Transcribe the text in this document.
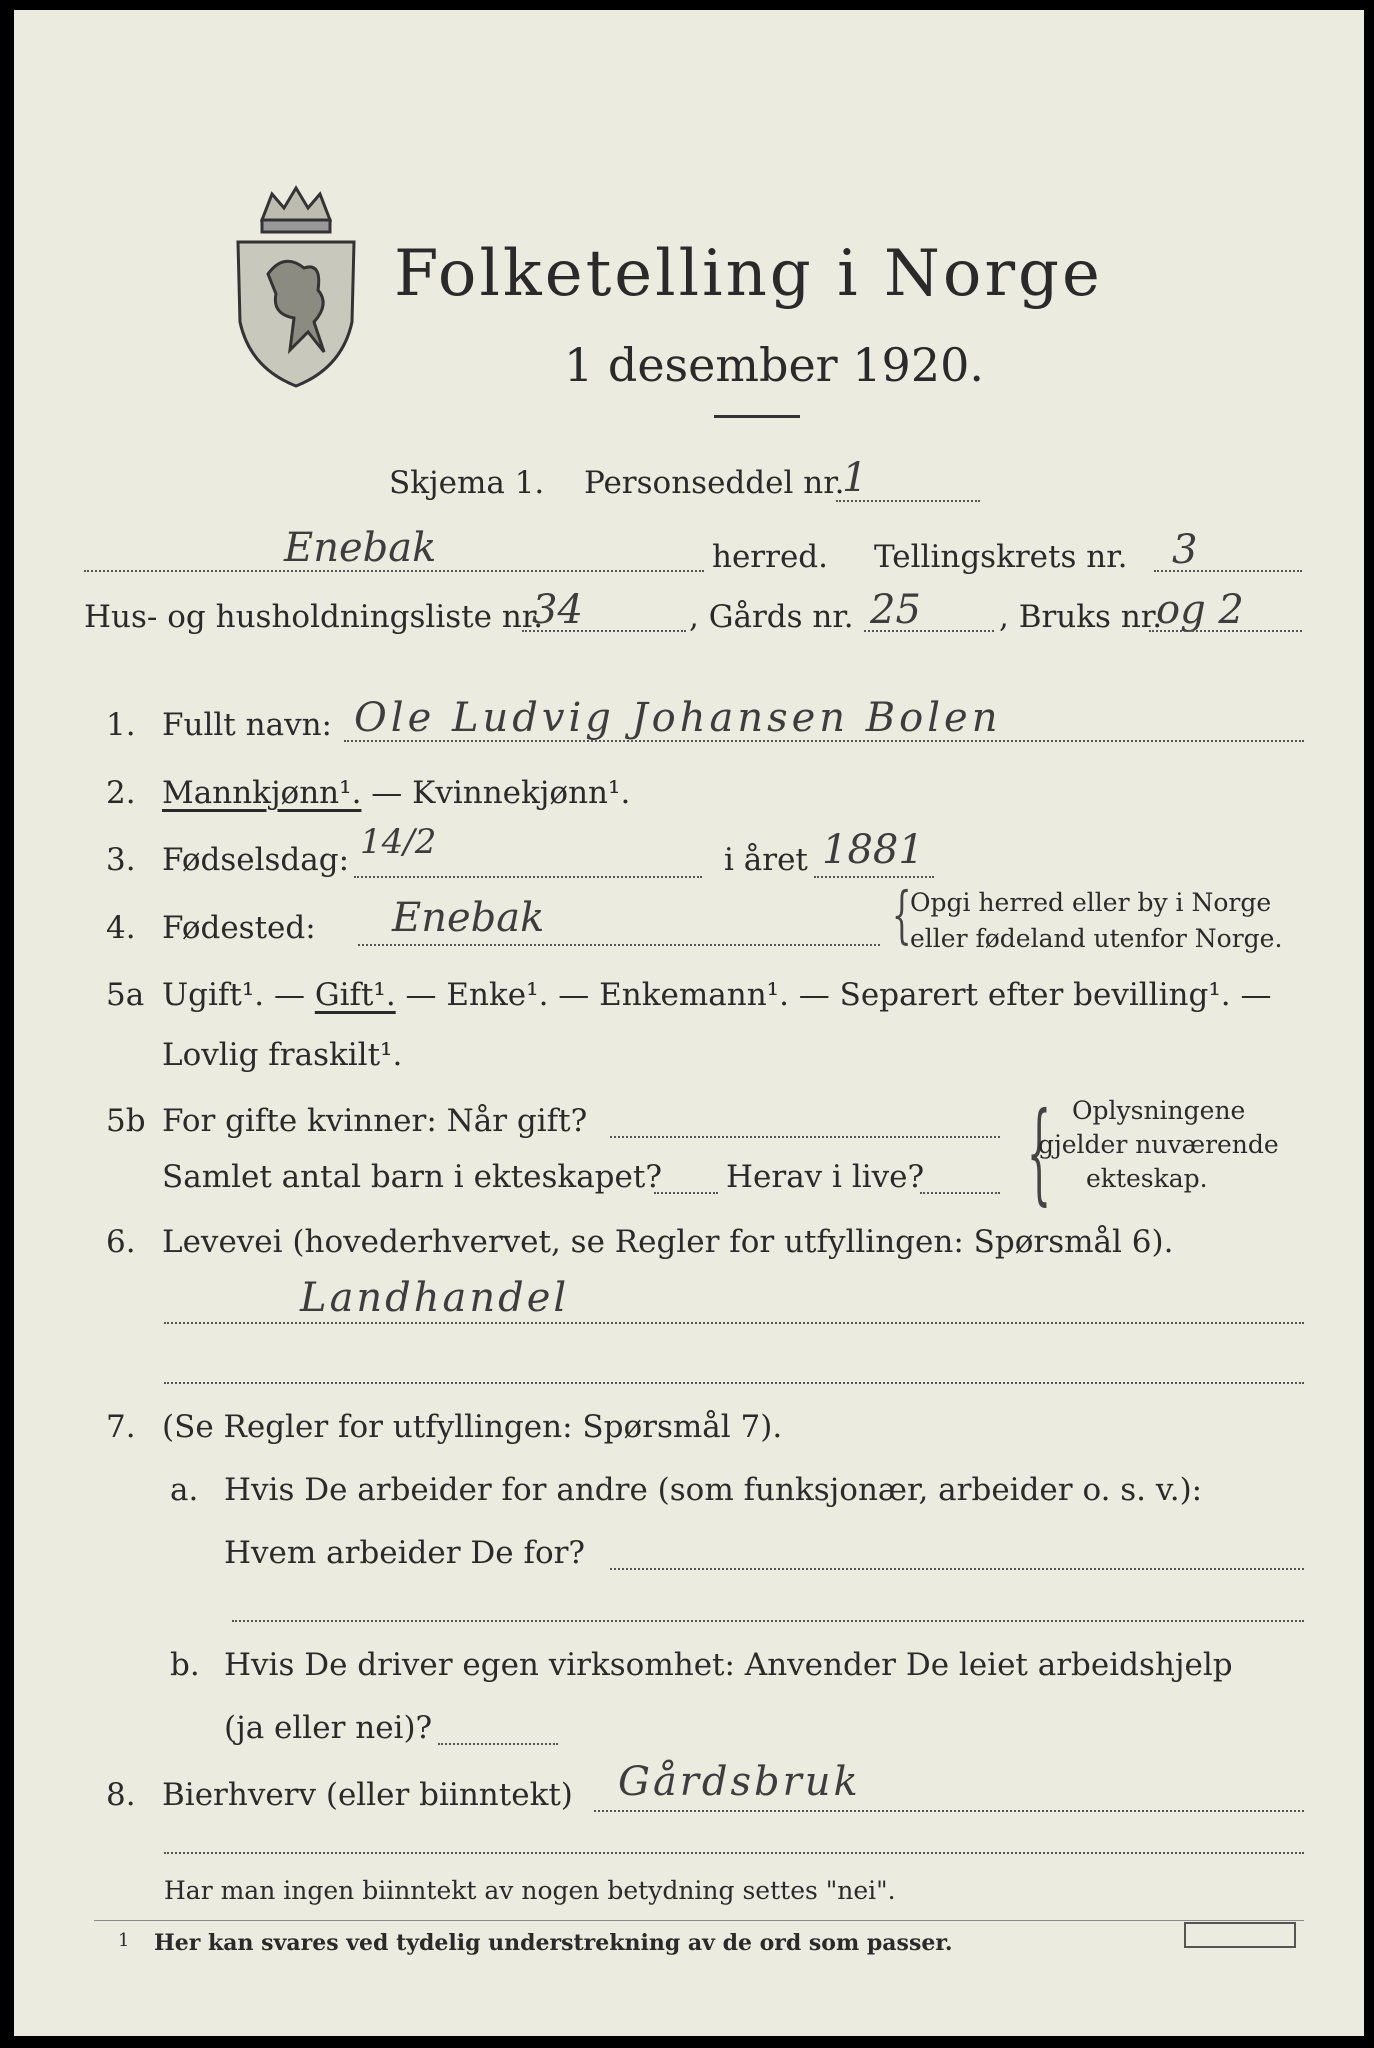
Folketelling i Norge
1 desember 1920.
Skjema 1. Personseddel nr.
1
Enebak	herred. Tellingskrets nr. 3
Hus- og husholdningsliste nr.
34	, Gårds nr. 25	, Bruks nr.
og 2
1. Fullt navn: Ole Ludvig Johansen Bolen
2. Mannkjønn¹. — Kvinnekjønn¹.
3. Fødselsdag: 14/2	i året 1881
4. Fødested: Enebak	{
Opgi herred eller by i Norge
eller fødeland utenfor Norge.
5a Ugift¹. — Gift¹. — Enke¹. — Enkemann¹. — Separert efter bevilling¹. —
Lovlig fraskilt¹.
5b For gifte kvinner: Når gift?
Samlet antal barn i ekteskapet? Herav i live? { Oplysningene
gjelder nuværende
ekteskap.
6. Levevei (hovederhvervet, se Regler for utfyllingen: Spørsmål 6).
Landhandel
7. (Se Regler for utfyllingen: Spørsmål 7).
a. Hvis De arbeider for andre (som funksjonær, arbeider o. s. v.):
Hvem arbeider De for?
b. Hvis De driver egen virksomhet: Anvender De leiet arbeidshjelp
(ja eller nei)?
8. Bierhverv (eller biinntekt) Gårdsbruk
Har man ingen biinntekt av nogen betydning settes "nei".
1 Her kan svares ved tydelig understrekning av de ord som passer.
